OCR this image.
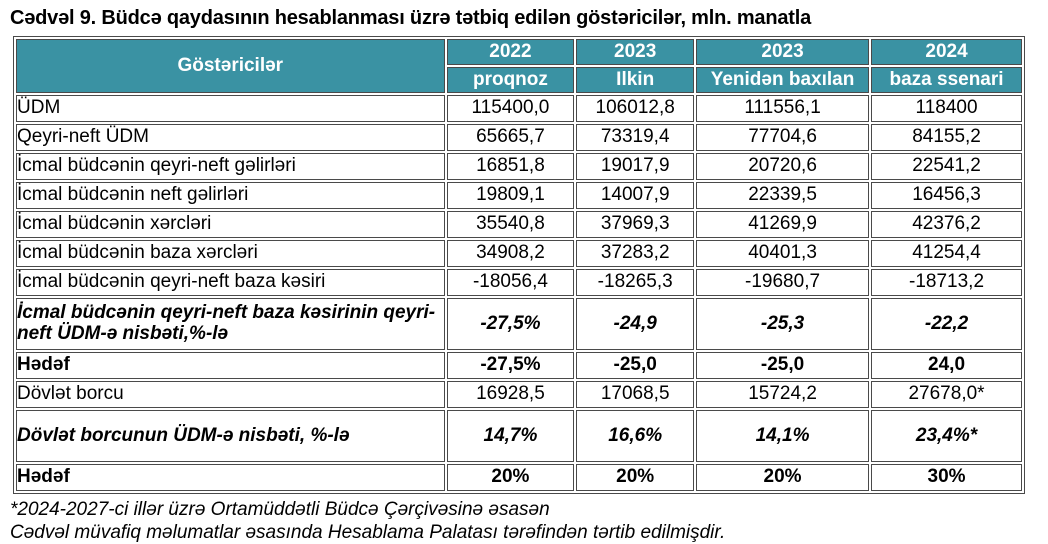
Cədvəl 9. Büdcə qaydasının hesablanması üzrə tətbiq edilən göstəricilər, mln. manatla
Göstəricilər	2022	2023	2023	2024
	proqnoz	Ilkin	Yenidən baxılan	baza ssenari
ÜDM	115400,0	106012,8	111556,1	118400
Qeyri-neft ÜDM	65665,7	73319,4	77704,6	84155,2
İcmal büdcənin qeyri-neft gəlirləri	16851,8	19017,9	20720,6	22541,2
İcmal büdcənin neft gəlirləri	19809,1	14007,9	22339,5	16456,3
İcmal büdcənin xərcləri	35540,8	37969,3	41269,9	42376,2
İcmal büdcənin baza xərcləri	34908,2	37283,2	40401,3	41254,4
İcmal büdcənin qeyri-neft baza kəsiri	-18056,4	-18265,3	-19680,7	-18713,2
İcmal büdcənin qeyri-neft baza kəsirinin qeyri-neft ÜDM-ə nisbəti,%-lə	-27,5%	-24,9	-25,3	-22,2
Hədəf	-27,5%	-25,0	-25,0	24,0
Dövlət borcu	16928,5	17068,5	15724,2	27678,0*
Dövlət borcunun ÜDM-ə nisbəti, %-lə	14,7%	16,6%	14,1%	23,4%*
Hədəf	20%	20%	20%	30%
*2024-2027-ci illər üzrə Ortamüddətli Büdcə Çərçivəsinə əsasən
Cədvəl müvafiq məlumatlar əsasında Hesablama Palatası tərəfindən tərtib edilmişdir.
